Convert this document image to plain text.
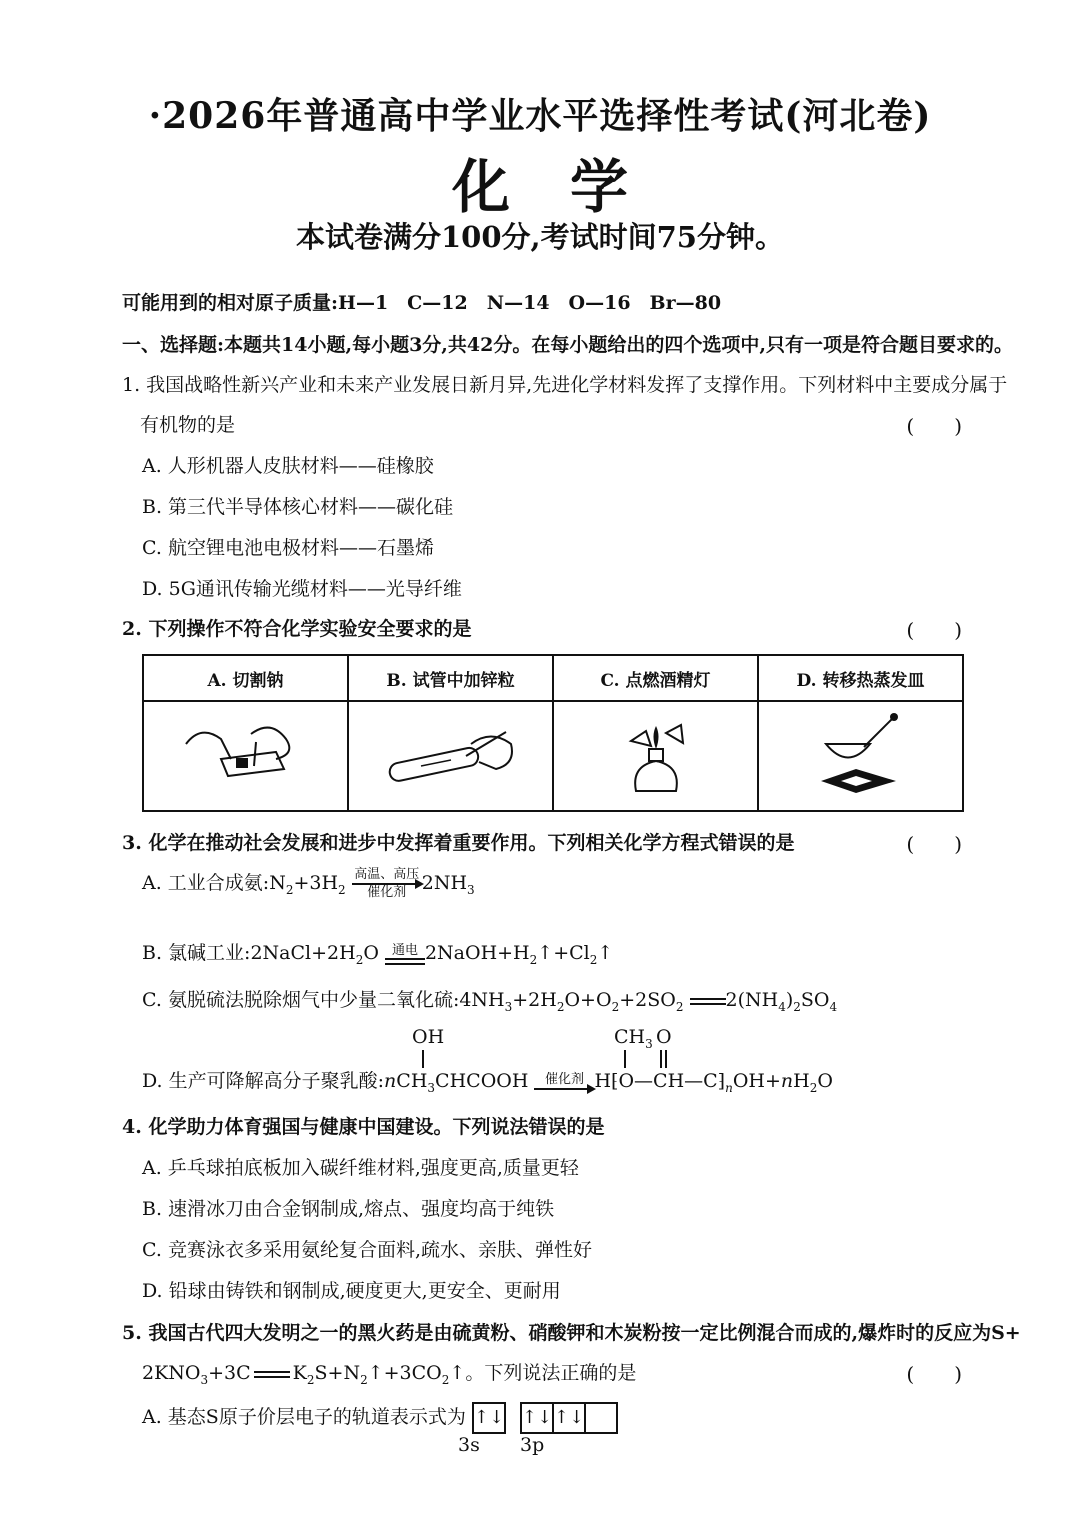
·2026年普通高中学业水平选择性考试(河北卷)
化学
本试卷满分100分,考试时间75分钟。
可能用到的相对原子质量:H—1　C—12　N—14　O—16　Br—80
一、选择题:本题共14小题,每小题3分,共42分。在每小题给出的四个选项中,只有一项是符合题目要求的。
1. 我国战略性新兴产业和未来产业发展日新月异,先进化学材料发挥了支撑作用。下列材料中主要成分属于
有机物的是	(　　)
A. 人形机器人皮肤材料——硅橡胶
B. 第三代半导体核心材料——碳化硅
C. 航空锂电池电极材料——石墨烯
D. 5G通讯传输光缆材料——光导纤维
2. 下列操作不符合化学实验安全要求的是	(　　)
A. 切割钠	B. 试管中加锌粒	C. 点燃酒精灯	D. 转移热蒸发皿

3. 化学在推动社会发展和进步中发挥着重要作用。下列相关化学方程式错误的是	(　　)
A. 工业合成氨$:N_2+3H_2$
高温、高压
催化剂 $2NH_3$
B. 氯碱工业$:2NaCl+2H_2O$ 通电 $2NaOH+H_2↑+Cl_2↑$
C. 氨脱硫法脱除烟气中少量二氧化硫$:4NH_3+2H_2O+O_2+2SO_2$ $2(NH_4)_2SO_4$
OH	$CH_3$ O
D. 生产可降解高分子聚乳酸:nCH$_3$CHCOOH 催化剂 $H⁅O—CH—C⁆_nOH+nH_2O$
4. 化学助力体育强国与健康中国建设。下列说法错误的是
A. 乒乓球拍底板加入碳纤维材料,强度更高,质量更轻
B. 速滑冰刀由合金钢制成,熔点、强度均高于纯铁
C. 竞赛泳衣多采用氨纶复合面料,疏水、亲肤、弹性好
D. 铅球由铸铁和钢制成,硬度更大,更安全、更耐用
5. 我国古代四大发明之一的黑火药是由硫黄粉、硝酸钾和木炭粉按一定比例混合而成的,爆炸时的反应为S+
$2KNO_3+3C$ $K_2S+N_2↑+3CO_2↑$。下列说法正确的是	(　　)
A. 基态S原子价层电子的轨道表示式为 ↑↓ ↑↓ ↑↓
3s 3p
